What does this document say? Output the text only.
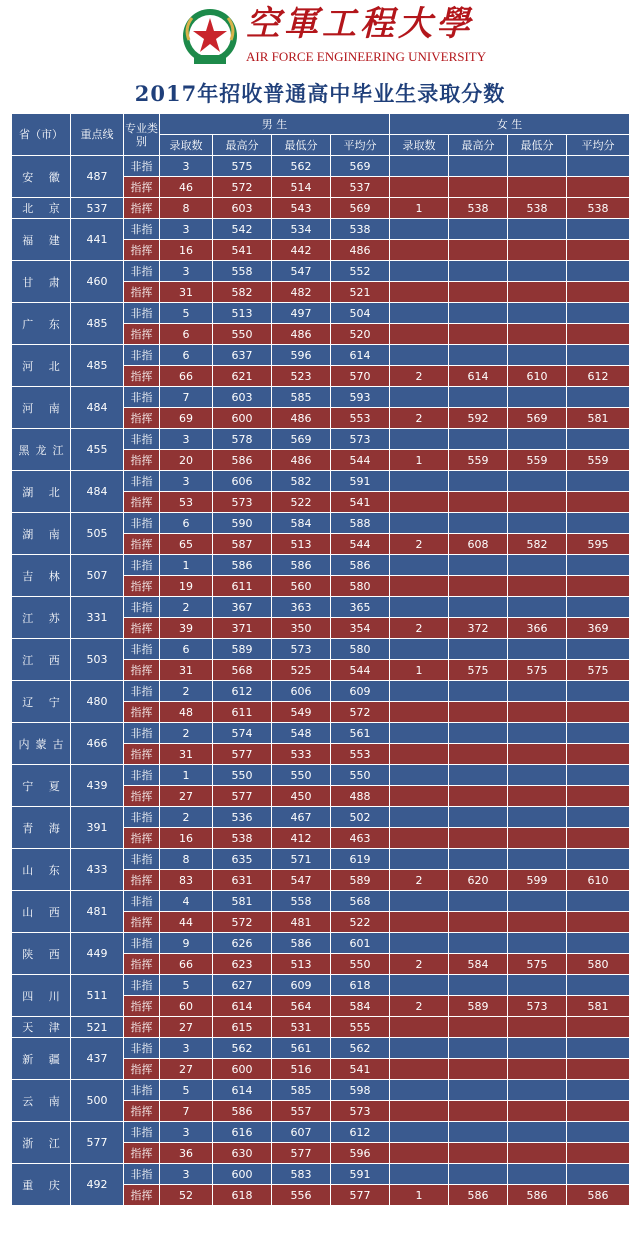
空軍工程大學
AIR FORCE ENGINEERING UNIVERSITY
2017年招收普通高中毕业生录取分数
省（市）	重点线	专业类别	男 生				女 生			
			录取数	最高分	最低分	平均分	录取数	最高分	最低分	平均分
安 徽	487	非指	3	575	562	569				
		指挥	46	572	514	537				
北 京	537	指挥	8	603	543	569	1	538	538	538
福 建	441	非指	3	542	534	538				
		指挥	16	541	442	486				
甘 肃	460	非指	3	558	547	552				
		指挥	31	582	482	521				
广 东	485	非指	5	513	497	504				
		指挥	6	550	486	520				
河 北	485	非指	6	637	596	614				
		指挥	66	621	523	570	2	614	610	612
河 南	484	非指	7	603	585	593				
		指挥	69	600	486	553	2	592	569	581
黑龙江	455	非指	3	578	569	573				
		指挥	20	586	486	544	1	559	559	559
湖 北	484	非指	3	606	582	591				
		指挥	53	573	522	541				
湖 南	505	非指	6	590	584	588				
		指挥	65	587	513	544	2	608	582	595
吉 林	507	非指	1	586	586	586				
		指挥	19	611	560	580				
江 苏	331	非指	2	367	363	365				
		指挥	39	371	350	354	2	372	366	369
江 西	503	非指	6	589	573	580				
		指挥	31	568	525	544	1	575	575	575
辽 宁	480	非指	2	612	606	609				
		指挥	48	611	549	572				
内蒙古	466	非指	2	574	548	561				
		指挥	31	577	533	553				
宁 夏	439	非指	1	550	550	550				
		指挥	27	577	450	488				
青 海	391	非指	2	536	467	502				
		指挥	16	538	412	463				
山 东	433	非指	8	635	571	619				
		指挥	83	631	547	589	2	620	599	610
山 西	481	非指	4	581	558	568				
		指挥	44	572	481	522				
陕 西	449	非指	9	626	586	601				
		指挥	66	623	513	550	2	584	575	580
四 川	511	非指	5	627	609	618				
		指挥	60	614	564	584	2	589	573	581
天 津	521	指挥	27	615	531	555				
新 疆	437	非指	3	562	561	562				
		指挥	27	600	516	541				
云 南	500	非指	5	614	585	598				
		指挥	7	586	557	573				
浙 江	577	非指	3	616	607	612				
		指挥	36	630	577	596				
重 庆	492	非指	3	600	583	591				
		指挥	52	618	556	577	1	586	586	586
